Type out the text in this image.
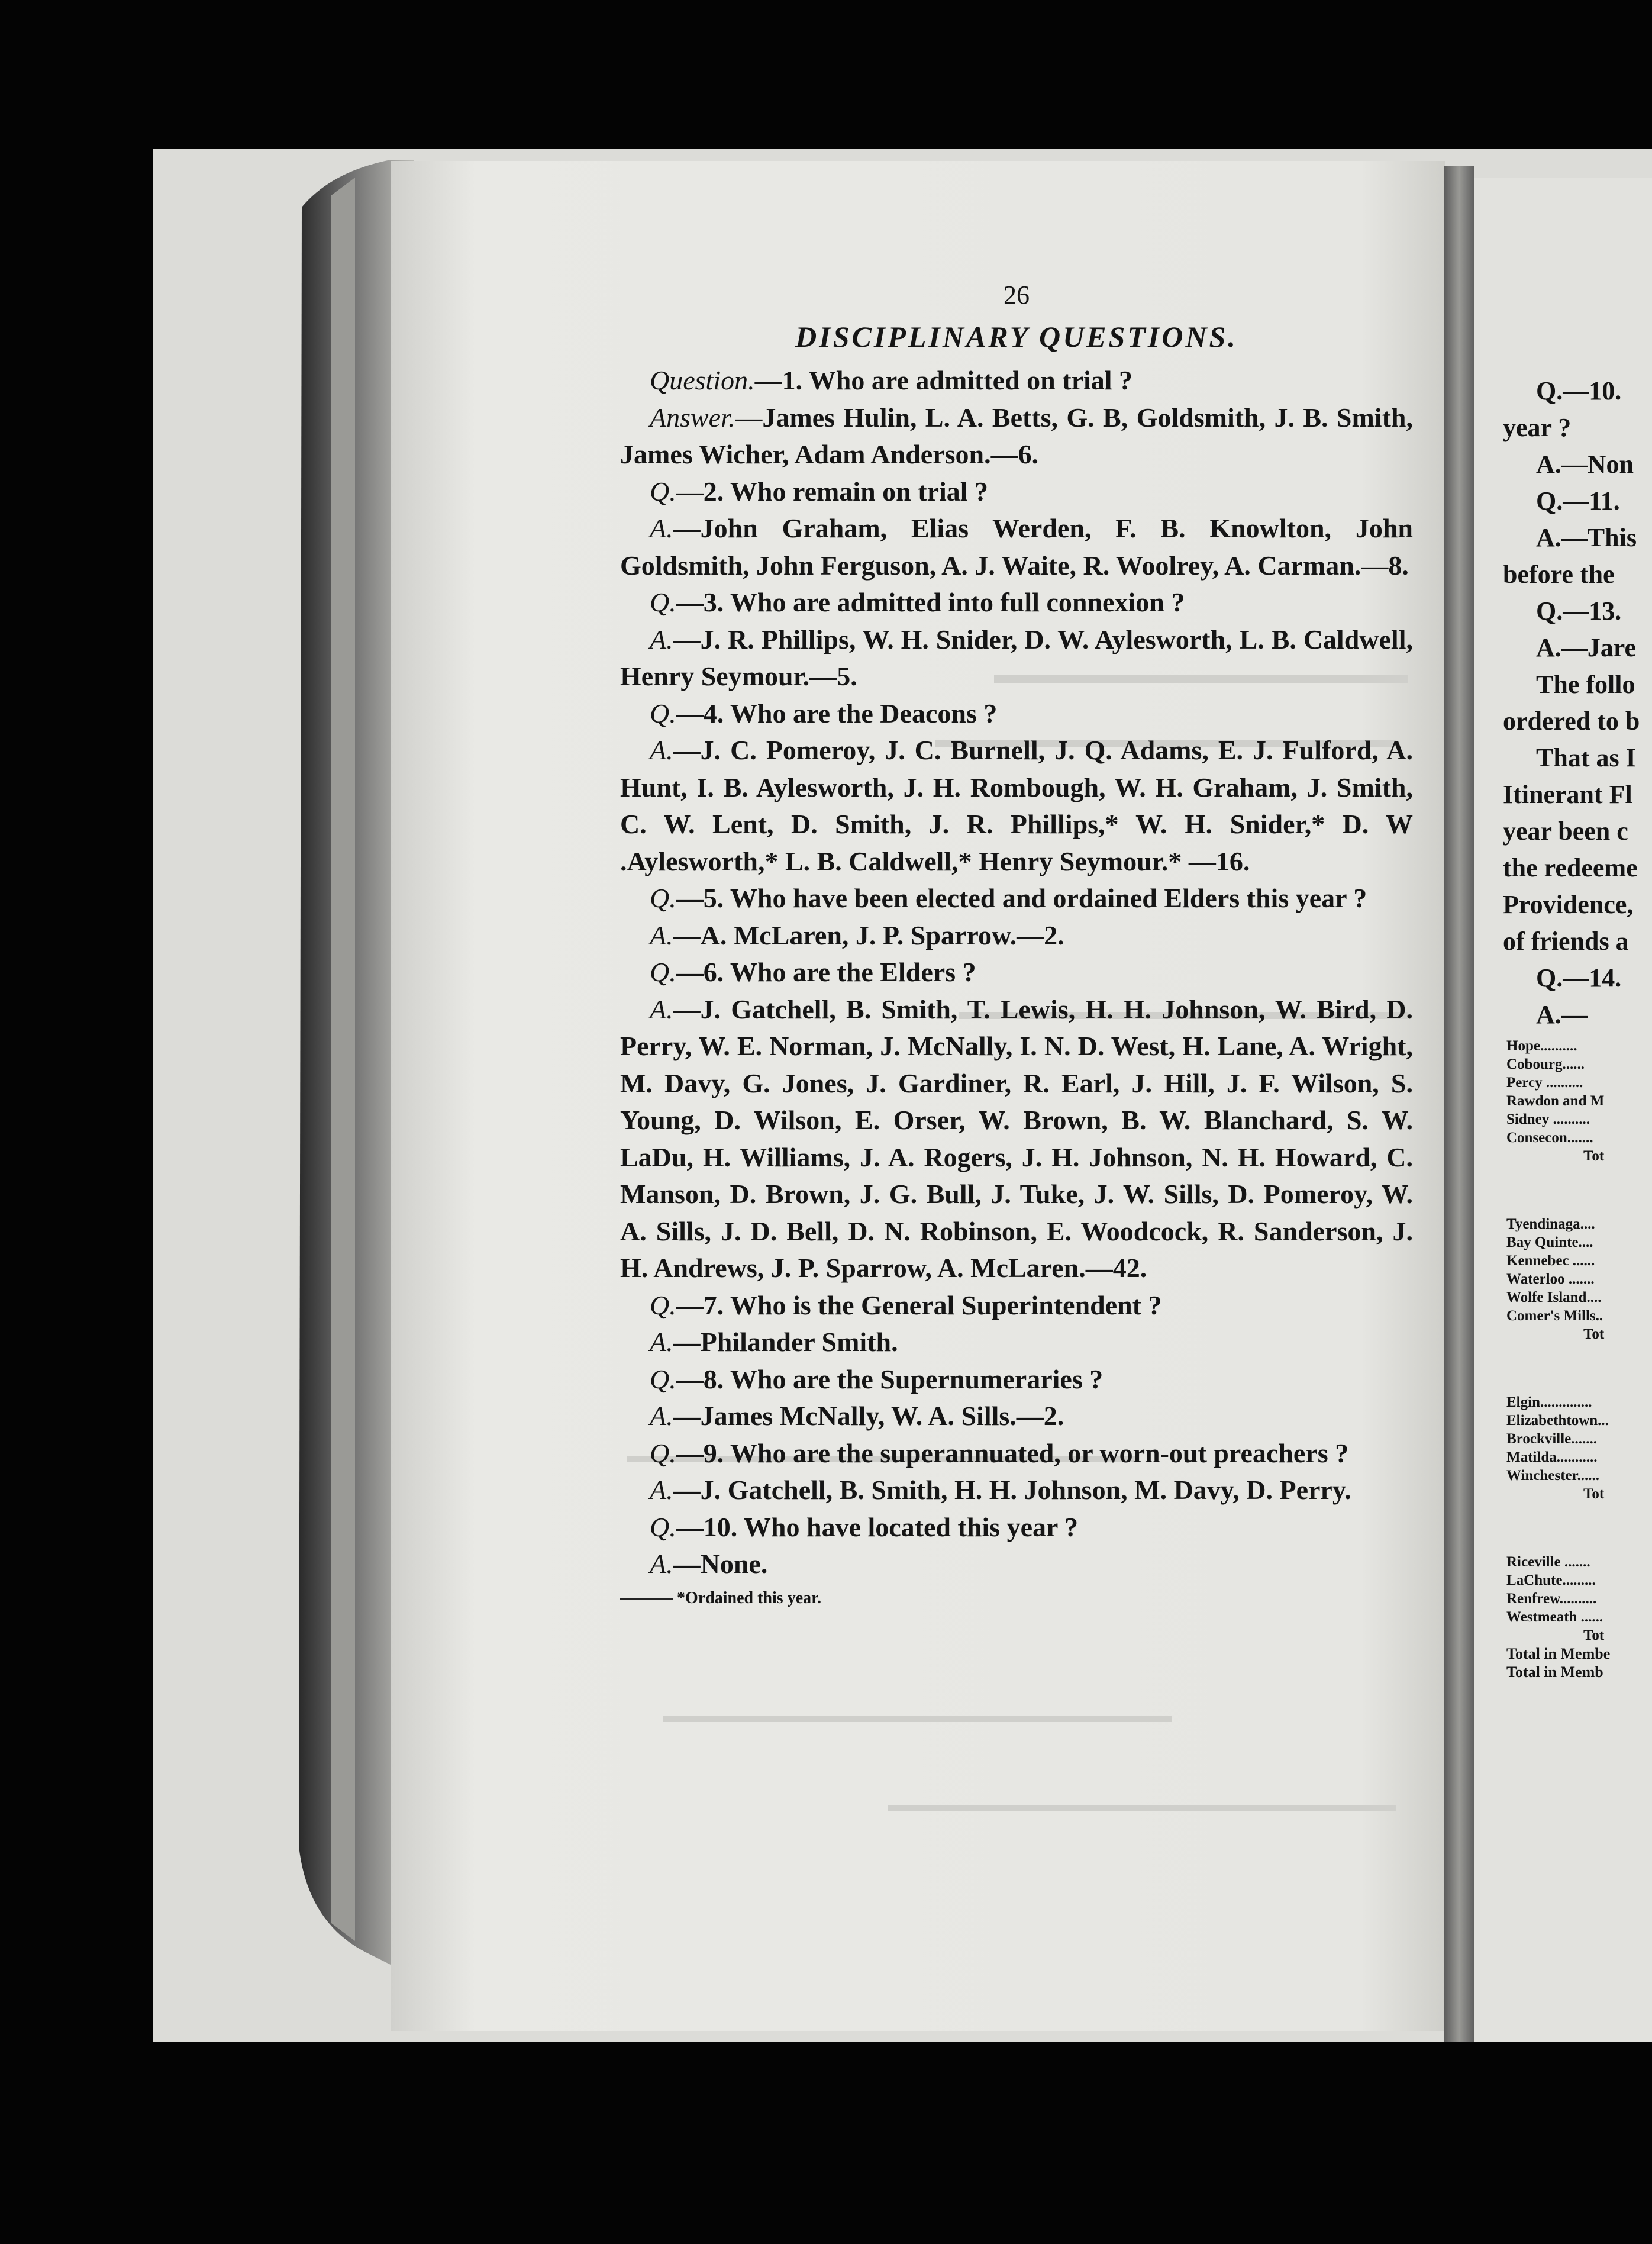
26
DISCIPLINARY QUESTIONS.

Question.—1. Who are admitted on trial ?

Answer.—James Hulin, L. A. Betts, G. B, Goldsmith, J. B. Smith, James Wicher, Adam Anderson.—6.

Q.—2. Who remain on trial ?

A.—John Graham, Elias Werden, F. B. Knowlton, John Goldsmith, John Ferguson, A. J. Waite, R. Woolrey, A. Carman.—8.

Q.—3. Who are admitted into full connexion ?

A.—J. R. Phillips, W. H. Snider, D. W. Aylesworth, L. B. Caldwell, Henry Seymour.—5.

Q.—4. Who are the Deacons ?

A.—J. C. Pomeroy, J. C. Burnell, J. Q. Adams, E. J. Fulford, A. Hunt, I. B. Aylesworth, J. H. Rombough, W. H. Graham, J. Smith, C. W. Lent, D. Smith, J. R. Phillips,* W. H. Snider,* D. W .Aylesworth,* L. B. Caldwell,* Henry Seymour.* —16.

Q.—5. Who have been elected and ordained Elders this year ?

A.—A. McLaren, J. P. Sparrow.—2.

Q.—6. Who are the Elders ?

A.—J. Gatchell, B. Smith, T. Lewis, H. H. Johnson, W. Bird, D. Perry, W. E. Norman, J. McNally, I. N. D. West, H. Lane, A. Wright, M. Davy, G. Jones, J. Gardiner, R. Earl, J. Hill, J. F. Wilson, S. Young, D. Wilson, E. Orser, W. Brown, B. W. Blanchard, S. W. LaDu, H. Williams, J. A. Rogers, J. H. Johnson, N. H. Howard, C. Manson, D. Brown, J. G. Bull, J. Tuke, J. W. Sills, D. Pomeroy, W. A. Sills, J. D. Bell, D. N. Robinson, E. Woodcock, R. Sanderson, J. H. Andrews, J. P. Sparrow, A. McLaren.—42.

Q.—7. Who is the General Superintendent ?

A.—Philander Smith.

Q.—8. Who are the Supernumeraries ?

A.—James McNally, W. A. Sills.—2.

Q.—9. Who are the superannuated, or worn-out preachers ?

A.—J. Gatchell, B. Smith, H. H. Johnson, M. Davy, D. Perry.

Q.—10. Who have located this year ?

A.—None.

*Ordained this year.
Q.—10.
year ?
A.—Non
Q.—11.
A.—This
before the
Q.—13.
A.—Jare
The follo
ordered to b
That as I
Itinerant Fl
year been c
the redeeme
Providence,
of friends a
Q.—14.
A.—
Hope..........
Cobourg......
Percy ..........
Rawdon and M
Sidney ..........
Consecon.......
Tot
Tyendinaga....
Bay Quinte....
Kennebec ......
Waterloo .......
Wolfe Island....
Comer's Mills..
Tot
Elgin..............
Elizabethtown...
Brockville.......
Matilda...........
Winchester......
Tot
Riceville .......
LaChute.........
Renfrew..........
Westmeath ......
Tot
Total in Membe
Total in Memb
